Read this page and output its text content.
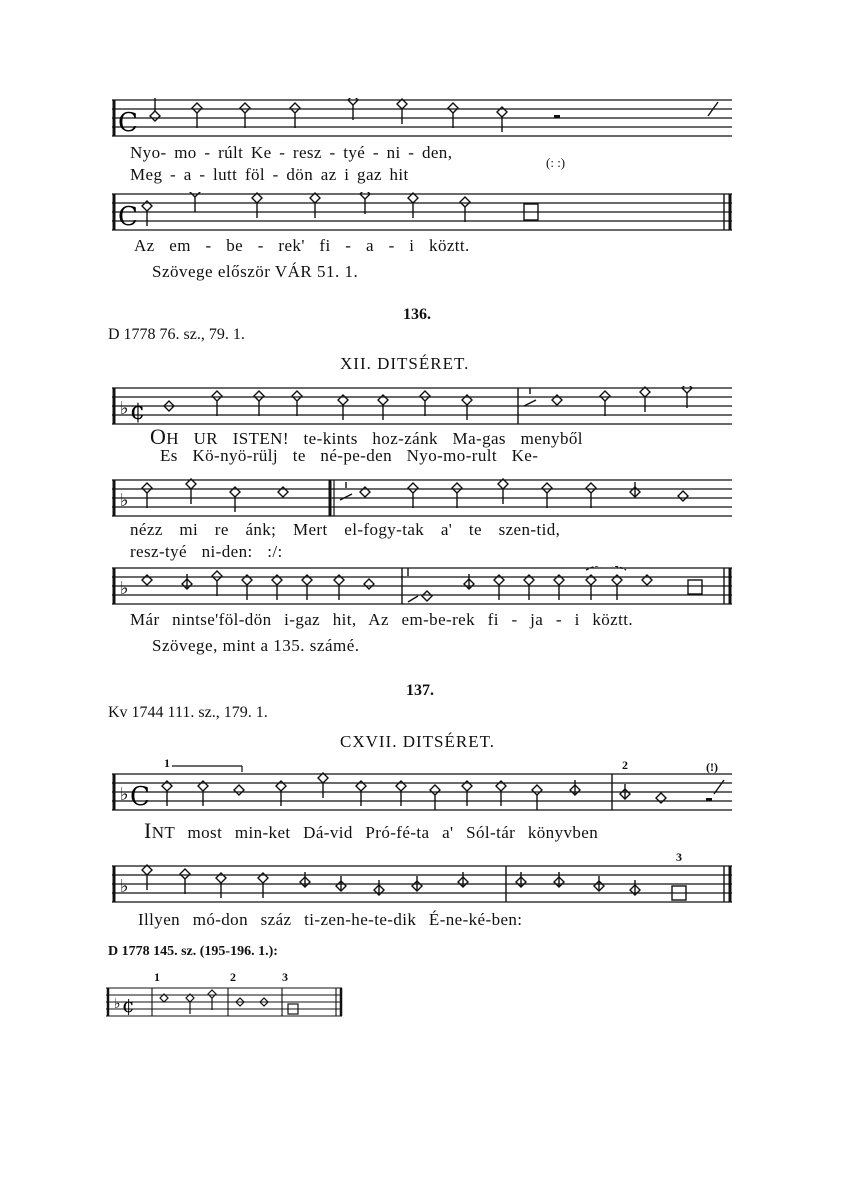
C
Nyo- mo - rúlt Ke - resz - tyé - ni - den,
Meg - a - lutt föl - dön az i gaz hit
(: :)
C
Az em - be - rek' fi - a - i köztt.
Szövege először VÁR 51. 1.
136.
D 1778 76. sz., 79. 1.
XII. DITSÉRET.
♭ ¢
OH UR ISTEN! te-kints hoz-zánk Ma-gas menyből
Es Kö-nyö-rülj te né-pe-den Nyo-mo-rult Ke-
♭
nézz mi re ánk; Mert el-fogy-tak a' te szen-tid,
resz-tyé ni-den: :/:
♭
Már nintse'föl-dön i-gaz hit, Az em-be-rek fi - ja - i köztt.
Szövege, mint a 135. számé.
137.
Kv 1744 111. sz., 179. 1.
CXVII. DITSÉRET.
1	2	(!)
♭ C
INT most min-ket Dá-vid Pró-fé-ta a' Sól-tár könyvben
3
♭
Illyen mó-don száz ti-zen-he-te-dik É-ne-ké-ben:
D 1778 145. sz. (195-196. 1.):
1	2	3
♭ ¢
